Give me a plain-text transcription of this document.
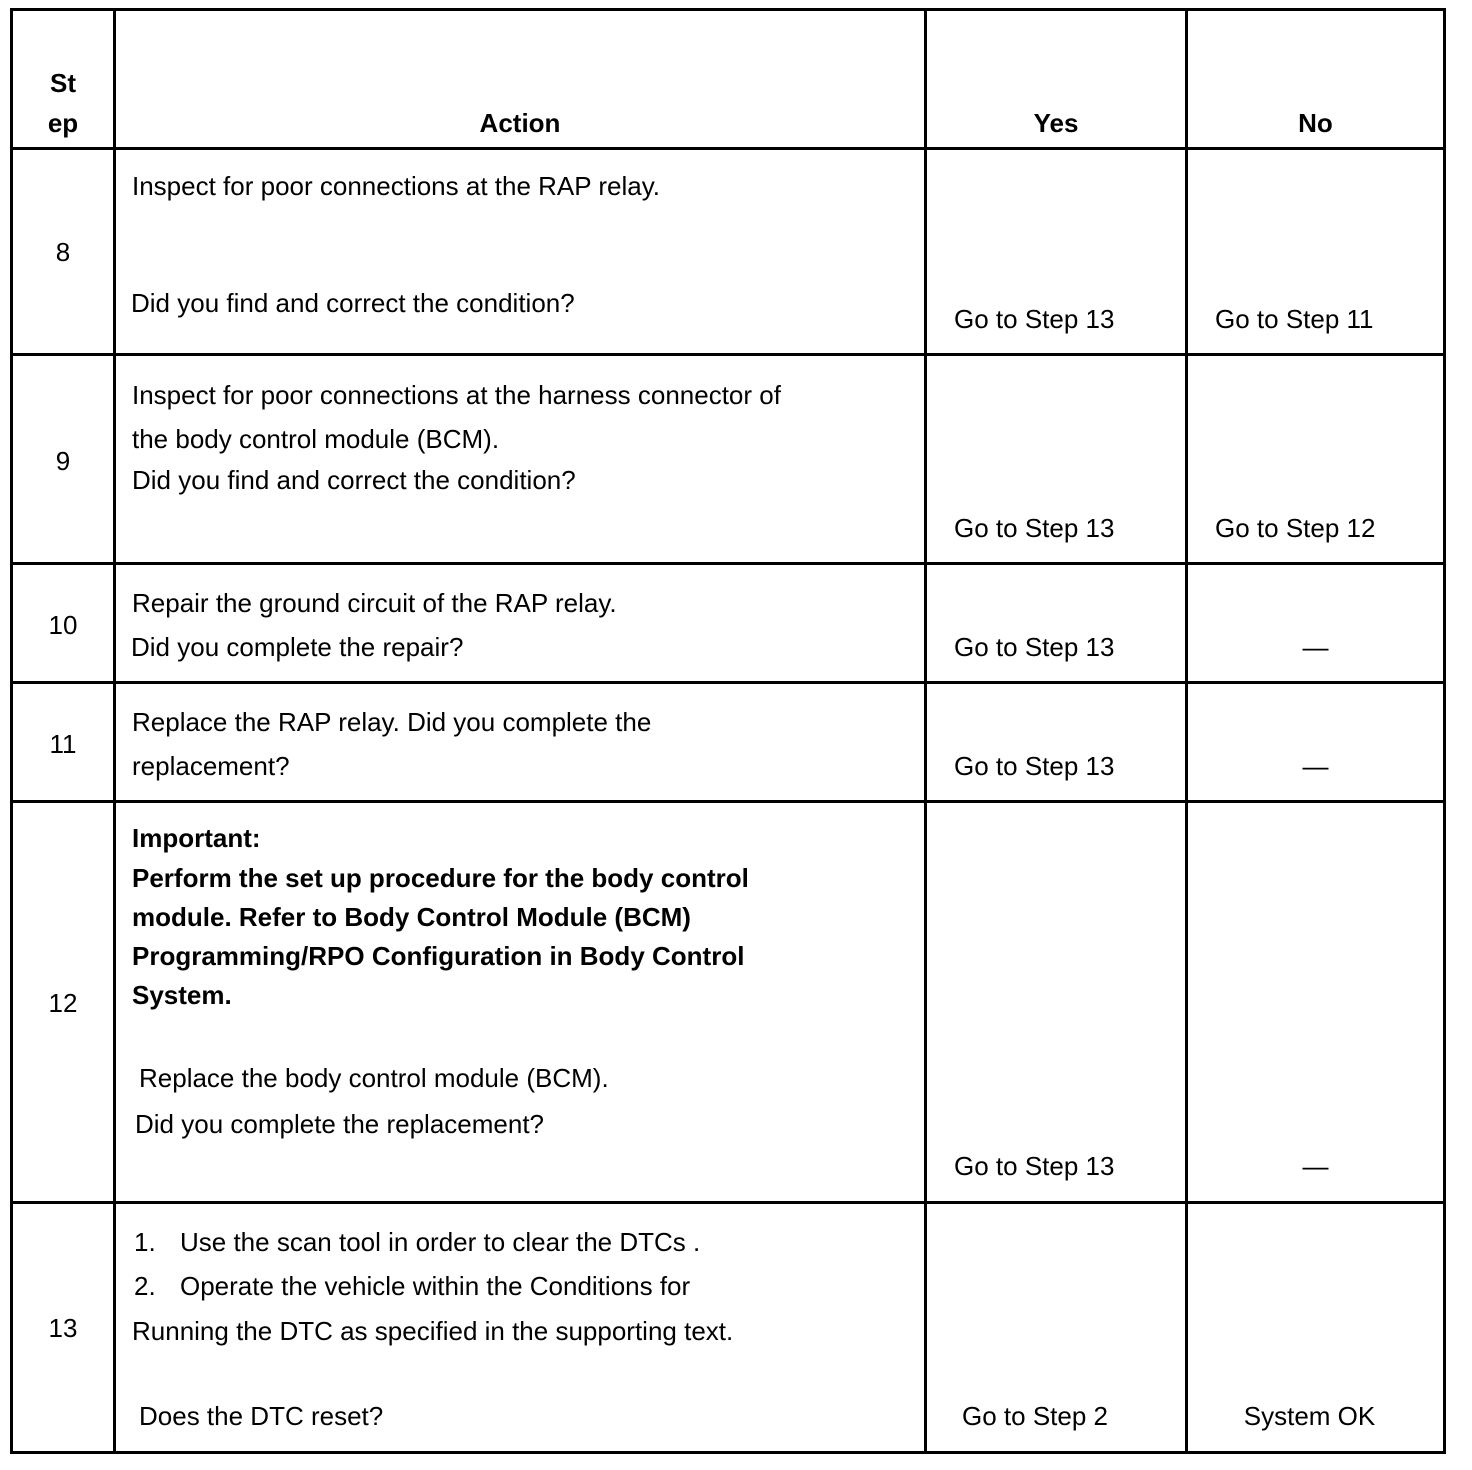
St
ep	Action	Yes	No
8
Inspect for poor connections at the RAP relay.
Did you find and correct the condition?
Go to Step 13	Go to Step 11
9
Inspect for poor connections at the harness connector of
the body control module (BCM).
Did you find and correct the condition?
Go to Step 13	Go to Step 12
10
Repair the ground circuit of the RAP relay.
Did you complete the repair?	Go to Step 13	—
11
Replace the RAP relay. Did you complete the
replacement?	Go to Step 13	—
12
Important:
Perform the set up procedure for the body control
module. Refer to Body Control Module (BCM)
Programming/RPO Configuration in Body Control
System.
Replace the body control module (BCM).
Did you complete the replacement?
Go to Step 13	—
13
1. Use the scan tool in order to clear the DTCs .
2. Operate the vehicle within the Conditions for
Running the DTC as specified in the supporting text.
Does the DTC reset?	Go to Step 2	System OK
